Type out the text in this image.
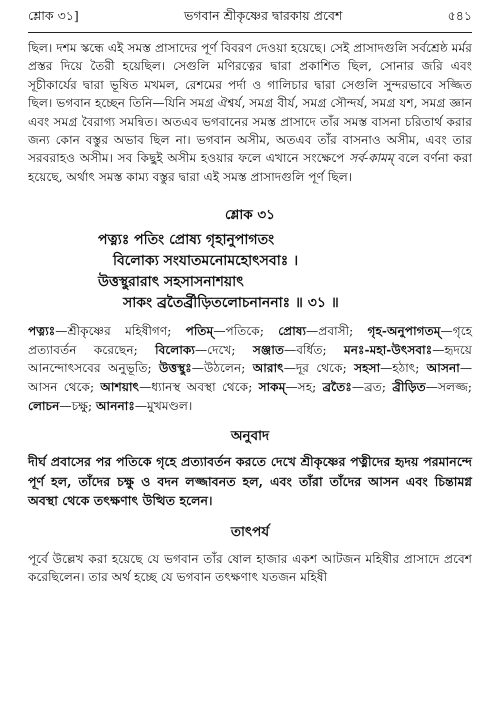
শ্লোক ৩১]	ভগবান শ্রীকৃষ্ণের দ্বারকায় প্রবেশ	৫৪১

ছিল। দশম স্কন্ধে এই সমস্ত প্রাসাদের পূর্ণ বিবরণ দেওয়া হয়েছে। সেই প্রাসাদগুলি সর্বশ্রেষ্ঠ মর্মর প্রস্তর দিয়ে তৈরী হয়েছিল। সেগুলি মণিরত্নের দ্বারা প্রকাশিত ছিল, সোনার জরি এবং সূচীকার্যের দ্বারা ভূষিত মখমল, রেশমের পর্দা ও গালিচার দ্বারা সেগুলি সুন্দরভাবে সজ্জিত ছিল। ভগবান হচ্ছেন তিনি—যিনি সমগ্র ঐশ্বর্য, সমগ্র বীর্য, সমগ্র সৌন্দর্য, সমগ্র যশ, সমগ্র জ্ঞান এবং সমগ্র বৈরাগ্য সমন্বিত। অতএব ভগবানের সমস্ত প্রাসাদে তাঁর সমস্ত বাসনা চরিতার্থ করার জন্য কোন বস্তুর অভাব ছিল না। ভগবান অসীম, অতএব তাঁর বাসনাও অসীম, এবং তার সরবরাহও অসীম। সব কিছুই অসীম হওয়ার ফলে এখানে সংক্ষেপে সর্ব-কামম্ বলে বর্ণনা করা হয়েছে, অর্থাৎ সমস্ত কাম্য বস্তুর দ্বারা এই সমস্ত প্রাসাদগুলি পূর্ণ ছিল।

শ্লোক ৩১
পত্ন্যঃ পতিং প্রোষ্য গৃহানুপাগতং
বিলোক্য সংযাতমনোমহোৎসবাঃ ।
উত্তস্থুরারাৎ সহসাসনাশয়াৎ
সাকং ব্রতৈর্ব্রীড়িতলোচনাননাঃ ॥ ৩১ ॥
পত্ন্যঃ—শ্রীকৃষ্ণের মহিষীগণ; পতিম্—পতিকে; প্রোষ্য—প্রবাসী; গৃহ-অনুপাগতম্—গৃহে প্রত্যাবর্তন করেছেন; বিলোক্য—দেখে; সঞ্জাত—বর্ধিত; মনঃ-মহা-উৎসবাঃ—হৃদয়ে আনন্দোৎসবের অনুভূতি; উত্তস্থুঃ—উঠলেন; আরাৎ—দূর থেকে; সহসা—হঠাৎ; আসনা—আসন থেকে; আশয়াৎ—ধ্যানস্থ অবস্থা থেকে; সাকম্—সহ; ব্রতৈঃ—ব্রত; ব্রীড়িত—সলজ্জ; লোচন—চক্ষু; আননাঃ—মুখমণ্ডল।
অনুবাদ
দীর্ঘ প্রবাসের পর পতিকে গৃহে প্রত্যাবর্তন করতে দেখে শ্রীকৃষ্ণের পত্নীদের হৃদয় পরমানন্দে পূর্ণ হল, তাঁদের চক্ষু ও বদন লজ্জাবনত হল, এবং তাঁরা তাঁদের আসন এবং চিন্তামগ্ন অবস্থা থেকে তৎক্ষণাৎ উত্থিত হলেন।
তাৎপর্য
পূর্বে উল্লেখ করা হয়েছে যে ভগবান তাঁর ষোল হাজার একশ আটজন মহিষীর প্রাসাদে প্রবেশ করেছিলেন। তার অর্থ হচ্ছে যে ভগবান তৎক্ষণাৎ যতজন মহিষী
